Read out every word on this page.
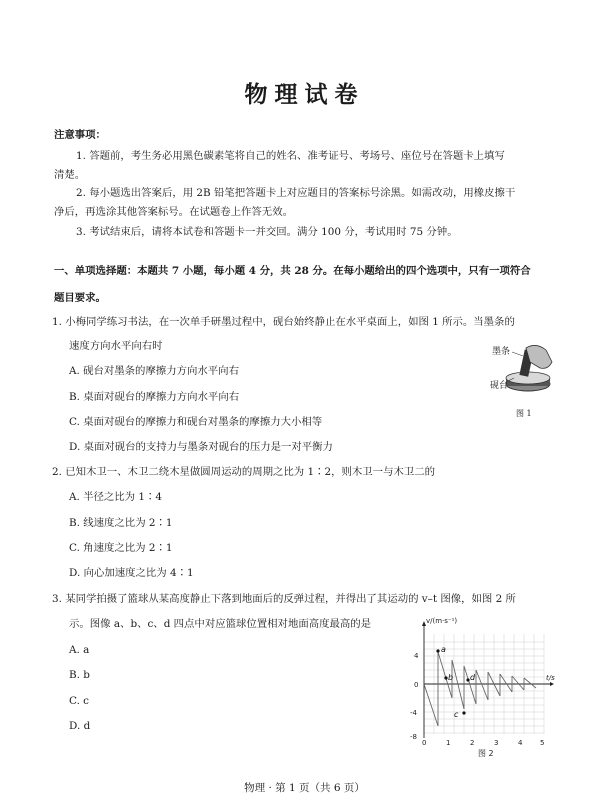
物理试卷
注意事项：
1. 答题前，考生务必用黑色碳素笔将自己的姓名、准考证号、考场号、座位号在答题卡上填写
清楚。
2. 每小题选出答案后，用 2B 铅笔把答题卡上对应题目的答案标号涂黑。如需改动，用橡皮擦干
净后，再选涂其他答案标号。在试题卷上作答无效。
3. 考试结束后，请将本试卷和答题卡一并交回。满分 100 分，考试用时 75 分钟。
一、单项选择题：本题共 7 小题，每小题 4 分，共 28 分。在每小题给出的四个选项中，只有一项符合
题目要求。
1. 小梅同学练习书法，在一次单手研墨过程中，砚台始终静止在水平桌面上，如图 1 所示。当墨条的
速度方向水平向右时
A. 砚台对墨条的摩擦力方向水平向右
B. 桌面对砚台的摩擦力方向水平向右
C. 桌面对砚台的摩擦力和砚台对墨条的摩擦力大小相等
D. 桌面对砚台的支持力与墨条对砚台的压力是一对平衡力
墨条
砚台
图 1
2. 已知木卫一、木卫二绕木星做圆周运动的周期之比为 1∶2，则木卫一与木卫二的
A. 半径之比为 1∶4
B. 线速度之比为 2∶1
C. 角速度之比为 2∶1
D. 向心加速度之比为 4∶1
3. 某同学拍摄了篮球从某高度静止下落到地面后的反弹过程，并得出了其运动的 v–t 图像，如图 2 所
示。图像 a、b、c、d 四点中对应篮球位置相对地面高度最高的是
A. a
B. b
C. c
D. d
a
b
c
d
v/(m·s⁻¹)
t/s
4
0
-4
-8
0	1	2	3	4	5
图 2
物理 · 第 1 页（共 6 页）
